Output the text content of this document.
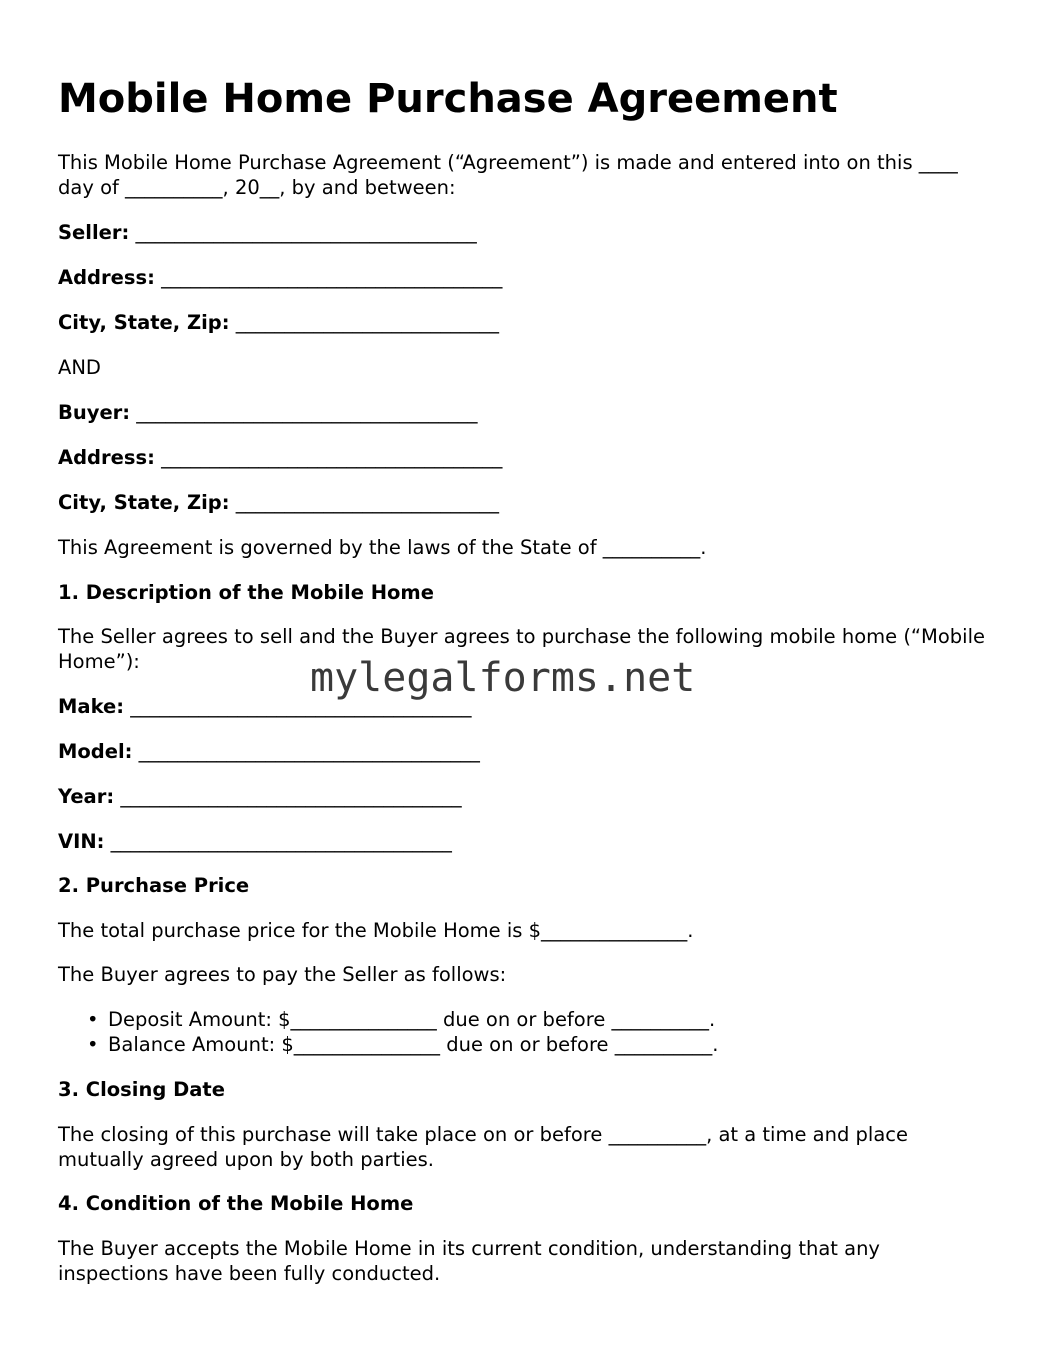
Mobile Home Purchase Agreement
This Mobile Home Purchase Agreement (“Agreement”) is made and entered into on this ____ day of __________, 20__, by and between:
Seller: ___________________________________
Address: ___________________________________
City, State, Zip: ___________________________
AND
Buyer: ___________________________________
Address: ___________________________________
City, State, Zip: ___________________________
This Agreement is governed by the laws of the State of __________.
1. Description of the Mobile Home
The Seller agrees to sell and the Buyer agrees to purchase the following mobile home (“Mobile Home”):
Make: ___________________________________
Model: ___________________________________
Year: ___________________________________
VIN: ___________________________________
2. Purchase Price
The total purchase price for the Mobile Home is $_______________.
The Buyer agrees to pay the Seller as follows:
• Deposit Amount: $_______________ due on or before __________.
• Balance Amount: $_______________ due on or before __________.
3. Closing Date
The closing of this purchase will take place on or before __________, at a time and place mutually agreed upon by both parties.
4. Condition of the Mobile Home
The Buyer accepts the Mobile Home in its current condition, understanding that any inspections have been fully conducted.
mylegalforms.net
